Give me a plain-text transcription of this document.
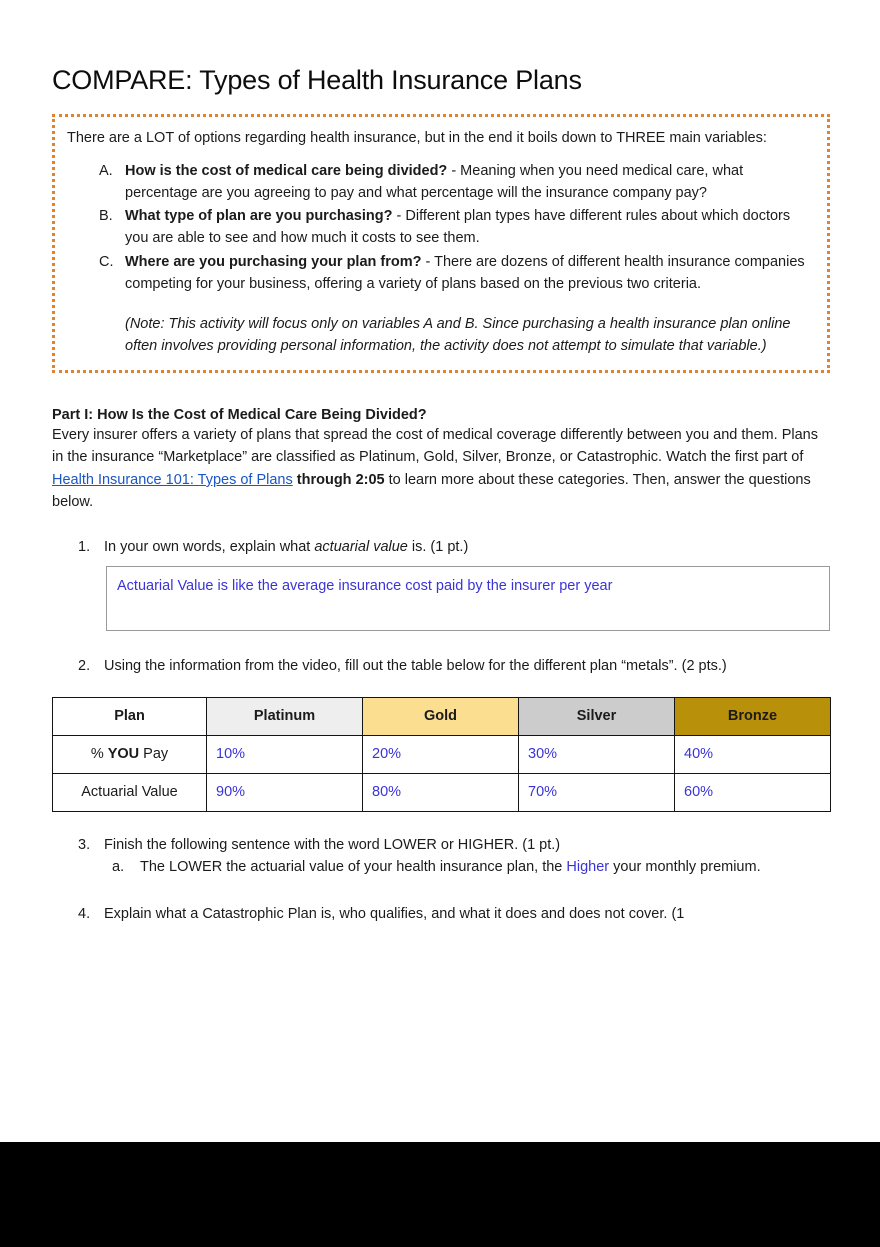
COMPARE: Types of Health Insurance Plans

There are a LOT of options regarding health insurance, but in the end it boils down to THREE main variables:

A. How is the cost of medical care being divided? - Meaning when you need medical care, what percentage are you agreeing to pay and what percentage will the insurance company pay?
B. What type of plan are you purchasing? - Different plan types have different rules about which doctors you are able to see and how much it costs to see them.
C. Where are you purchasing your plan from? - There are dozens of different health insurance companies competing for your business, offering a variety of plans based on the previous two criteria.

(Note: This activity will focus only on variables A and B. Since purchasing a health insurance plan online often involves providing personal information, the activity does not attempt to simulate that variable.)

Part I: How Is the Cost of Medical Care Being Divided?

Every insurer offers a variety of plans that spread the cost of medical coverage differently between you and them. Plans in the insurance “Marketplace” are classified as Platinum, Gold, Silver, Bronze, or Catastrophic. Watch the first part of Health Insurance 101: Types of Plans through 2:05 to learn more about these categories. Then, answer the questions below.

1. In your own words, explain what actuarial value is. (1 pt.)
Actuarial Value is like the average insurance cost paid by the insurer per year
2. Using the information from the video, fill out the table below for the different plan “metals”. (2 pts.)
Plan	Platinum	Gold	Silver	Bronze
% YOU Pay	10%	20%	30%	40%
Actuarial Value	90%	80%	70%	60%
3. Finish the following sentence with the word LOWER or HIGHER. (1 pt.)
a. The LOWER the actuarial value of your health insurance plan, the Higher your monthly premium.
4. Explain what a Catastrophic Plan is, who qualifies, and what it does and does not cover. (1
